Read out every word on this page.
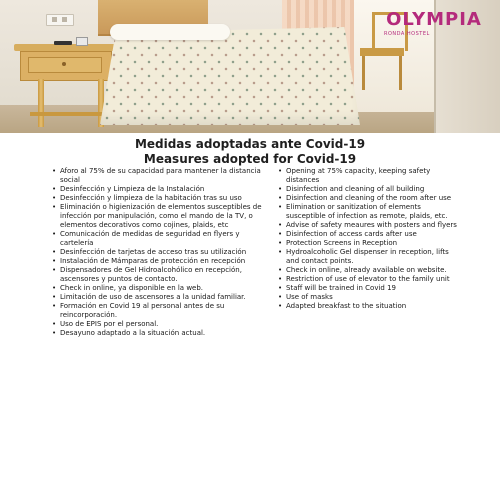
OLYMPIA
RONDA HOSTEL
Medidas adoptadas ante Covid-19
Measures adopted for Covid-19
• Aforo al 75% de su capacidad para mantener la distancia social
• Desinfección y Limpieza de la Instalación
• Desinfección y limpieza de la habitación tras su uso
• Eliminación o higienización de elementos susceptibles de infección por manipulación, como el mando de la TV, o elementos decorativos como cojines, plaids, etc
• Comunicación de medidas de seguridad en flyers y cartelería
• Desinfección de tarjetas de acceso tras su utilización
• Instalación de Mámparas de protección en recepción
• Dispensadores de Gel Hidroalcohólico en recepción, ascensores y puntos de contacto.
• Check in online, ya disponible en la web.
• Limitación de uso de ascensores a la unidad familiar.
• Formación en Covid 19 al personal antes de su reincorporación.
• Uso de EPIS por el personal.
• Desayuno adaptado a la situación actual.
• Opening at 75% capacity, keeping safety distances
• Disinfection and cleaning of all building
• Disinfection and cleaning of the room after use
• Elimination or sanitization of elements susceptible of infection as remote, plaids, etc.
• Advise of safety meaures with posters and flyers
• Disinfection of access cards after use
• Protection Screens in Reception
• Hydroalcoholic Gel dispenser in reception, lifts and contact points.
• Check in online, already available on website.
• Restriction of use of elevator to the family unit
• Staff will be trained in Covid 19
• Use of masks
• Adapted breakfast to the situation
